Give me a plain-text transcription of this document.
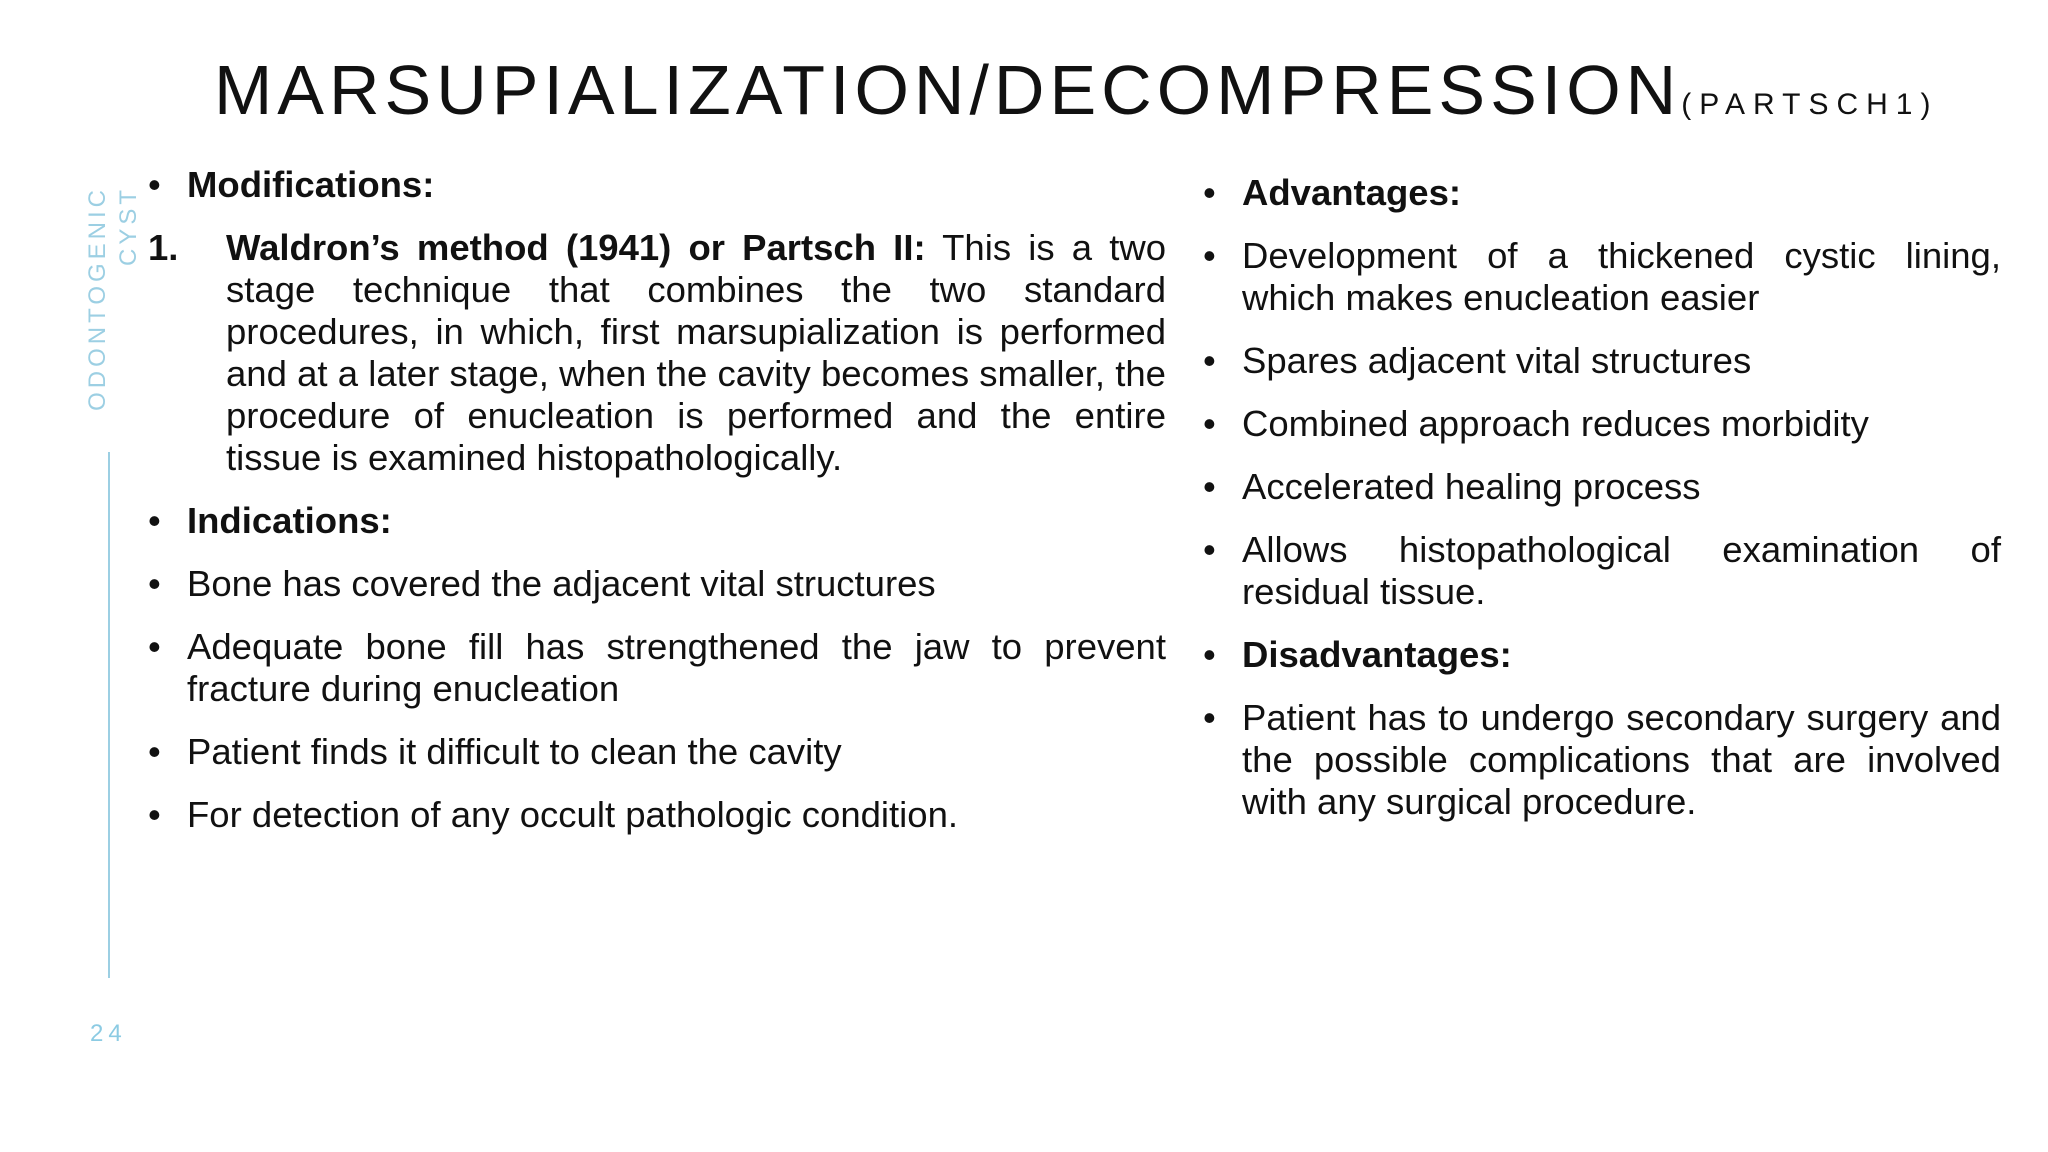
MARSUPIALIZATION/DECOMPRESSION(PARTSCH1)
ODONTOGENIC CYST
24
• Modifications:
1. Waldron’s method (1941) or Partsch II: This is a two stage technique that combines the two standard procedures, in which, first marsupialization is performed and at a later stage, when the cavity becomes smaller, the procedure of enucleation is performed and the entire tissue is examined histopathologically.
• Indications:
• Bone has covered the adjacent vital structures
• Adequate bone fill has strengthened the jaw to prevent fracture during enucleation
• Patient finds it difficult to clean the cavity
• For detection of any occult pathologic condition.
• Advantages:
• Development of a thickened cystic lining, which makes enucleation easier
• Spares adjacent vital structures
• Combined approach reduces morbidity
• Accelerated healing process
• Allows histopathological examination of residual tissue.
• Disadvantages:
• Patient has to undergo secondary surgery and the possible complications that are involved with any surgical procedure.
